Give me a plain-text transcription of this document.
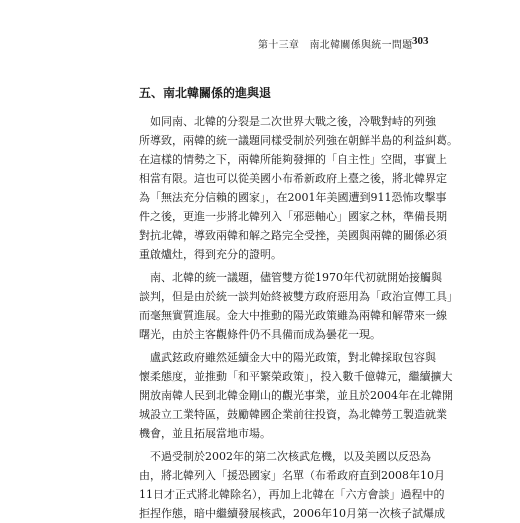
第十三章　南北韓關係與統一問題 303
五、南北韓關係的進與退
　如同南、北韓的分裂是二次世界大戰之後，冷戰對峙的列強
所導致，兩韓的統一議題同樣受制於列強在朝鮮半島的利益糾葛。
在這樣的情勢之下，兩韓所能夠發揮的「自主性」空間，事實上
相當有限。這也可以從美國小布希新政府上臺之後，將北韓界定
為「無法充分信賴的國家」，在2001年美國遭到911恐怖攻擊事
件之後，更進一步將北韓列入「邪惡軸心」國家之林，準備長期
對抗北韓，導致兩韓和解之路完全受挫，美國與兩韓的關係必須
重啟爐灶，得到充分的證明。
　南、北韓的統一議題，儘管雙方從1970年代初就開始接觸與
談判，但是由於統一談判始終被雙方政府惡用為「政治宣傳工具」
而毫無實質進展。金大中推動的陽光政策雖為兩韓和解帶來一線
曙光，由於主客觀條件仍不具備而成為曇花一現。
　盧武鉉政府雖然延續金大中的陽光政策，對北韓採取包容與
懷柔態度，並推動「和平繁榮政策」，投入數千億韓元，繼續擴大
開放南韓人民到北韓金剛山的觀光事業，並且於2004年在北韓開
城設立工業特區，鼓勵韓國企業前往投資，為北韓勞工製造就業
機會，並且拓展當地市場。
　不過受制於2002年的第二次核武危機，以及美國以反恐為
由，將北韓列入「援恐國家」名單（布希政府直到2008年10月
11日才正式將北韓除名），再加上北韓在「六方會談」過程中的
拒捏作態，暗中繼續發展核武，2006年10月第一次核子試爆成
